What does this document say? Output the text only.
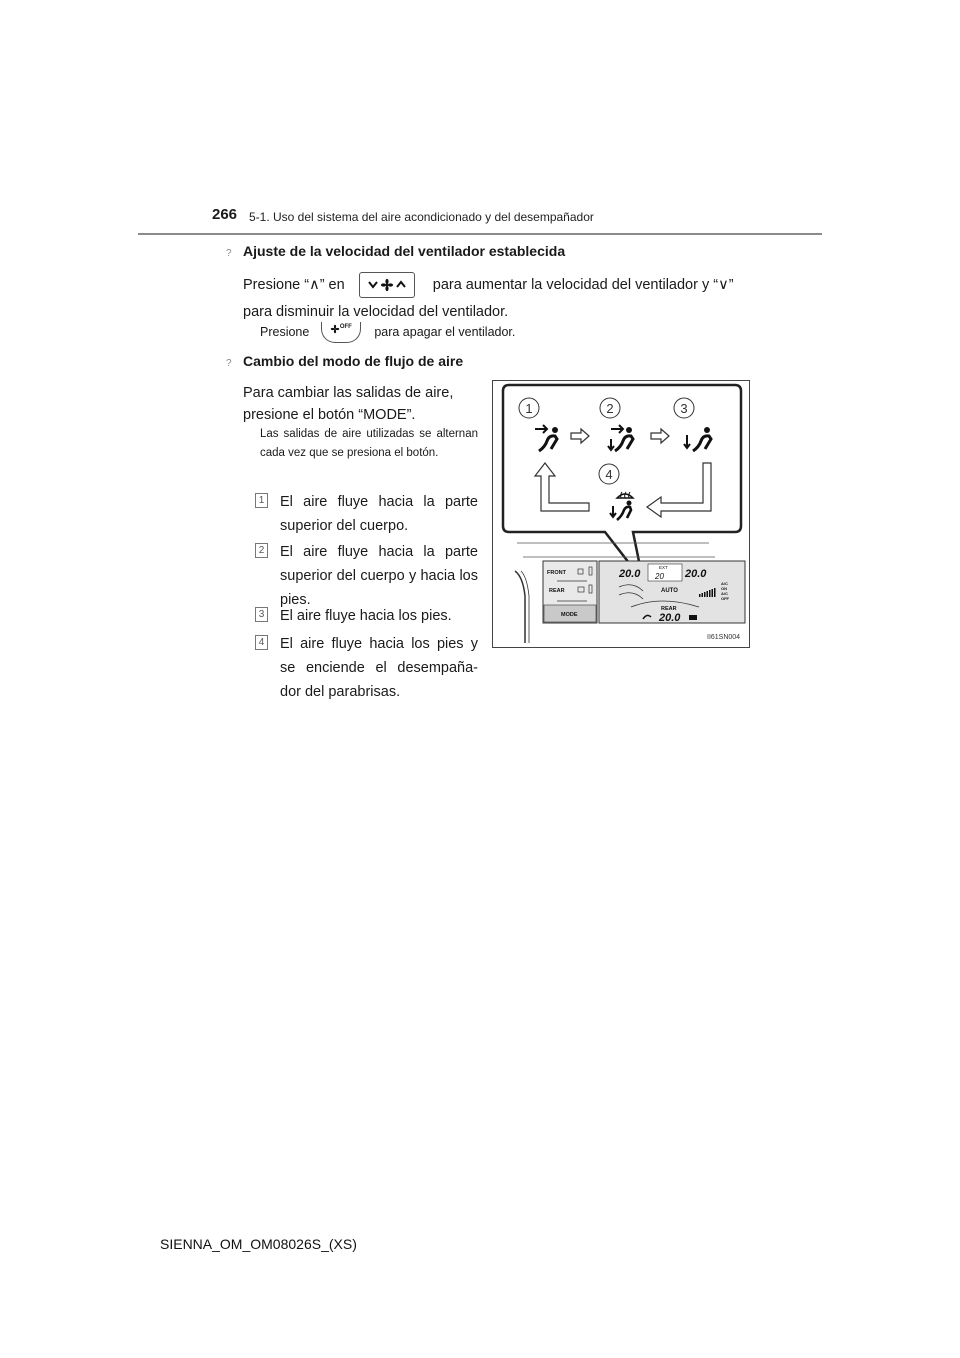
266 5-1. Uso del sistema del aire acondicionado y del desempañador
? Ajuste de la velocidad del ventilador establecida
Presione “∧” en	para aumentar la velocidad del ventilador y “∨”
para disminuir la velocidad del ventilador.
Presione	OFF para apagar el ventilador.
? Cambio del modo de flujo de aire
Para cambiar las salidas de aire,
presione el botón “MODE”.
Las salidas de aire utilizadas se alternan cada vez que se presiona el botón.
1 El aire fluye hacia la parte superior del cuerpo.
2 El aire fluye hacia la parte superior del cuerpo y hacia los pies.
3 El aire fluye hacia los pies.
4 El aire fluye hacia los pies y se enciende el desempaña- dor del parabrisas.
1	2	3
4
FRONT
REAR
MODE
20.0
EXT
20 20.0
AUTO
A/C
ON
A/C
OFF
REAR
20.0
II61SN004
SIENNA_OM_OM08026S_(XS)
